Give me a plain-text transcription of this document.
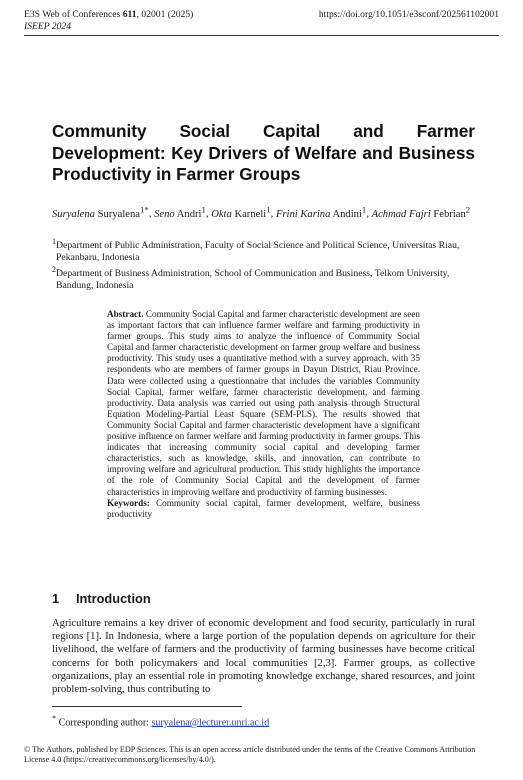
E3S Web of Conferences 611, 02001 (2025)
ISEEP 2024
https://doi.org/10.1051/e3sconf/202561102001
Community Social Capital and Farmer Development: Key Drivers of Welfare and Business Productivity in Farmer Groups
Suryalena Suryalena$^{1*}$, Seno Andri$^1$, Okta Karneli$^1$, Frini Karina Andini$^1$, Achmad Fajri Febrian$^2$
$^1$Department of Public Administration, Faculty of Social Science and Political Science, Universitas Riau, Pekanbaru, Indonesia
$^2$Department of Business Administration, School of Communication and Business, Telkom University, Bandung, Indonesia
Abstract. Community Social Capital and farmer characteristic development are seen as important factors that can influence farmer welfare and farming productivity in farmer groups. This study aims to analyze the influence of Community Social Capital and farmer characteristic development on farmer group welfare and business productivity. This study uses a quantitative method with a survey approach, with 35 respondents who are members of farmer groups in Dayun District, Riau Province. Data were collected using a questionnaire that includes the variables Community Social Capital, farmer welfare, farmer characteristic development, and farming productivity. Data analysis was carried out using path analysis through Structural Equation Modeling-Partial Least Square (SEM-PLS). The results showed that Community Social Capital and farmer characteristic development have a significant positive influence on farmer welfare and farming productivity in farmer groups. This indicates that increasing community social capital and developing farmer characteristics, such as knowledge, skills, and innovation, can contribute to improving welfare and agricultural production. This study highlights the importance of the role of Community Social Capital and the development of farmer characteristics in improving welfare and productivity of farming businesses.
Keywords: Community social capital, farmer development, welfare, business productivity
1 Introduction
Agriculture remains a key driver of economic development and food security, particularly in rural regions [1]. In Indonesia, where a large portion of the population depends on agriculture for their livelihood, the welfare of farmers and the productivity of farming businesses have become critical concerns for both policymakers and local communities [2,3]. Farmer groups, as collective organizations, play an essential role in promoting knowledge exchange, shared resources, and joint problem-solving, thus contributing to
* Corresponding author: suryalena@lecturer.unri.ac.id
© The Authors, published by EDP Sciences. This is an open access article distributed under the terms of the Creative Commons Attribution License 4.0 (https://creativecommons.org/licenses/by/4.0/).
